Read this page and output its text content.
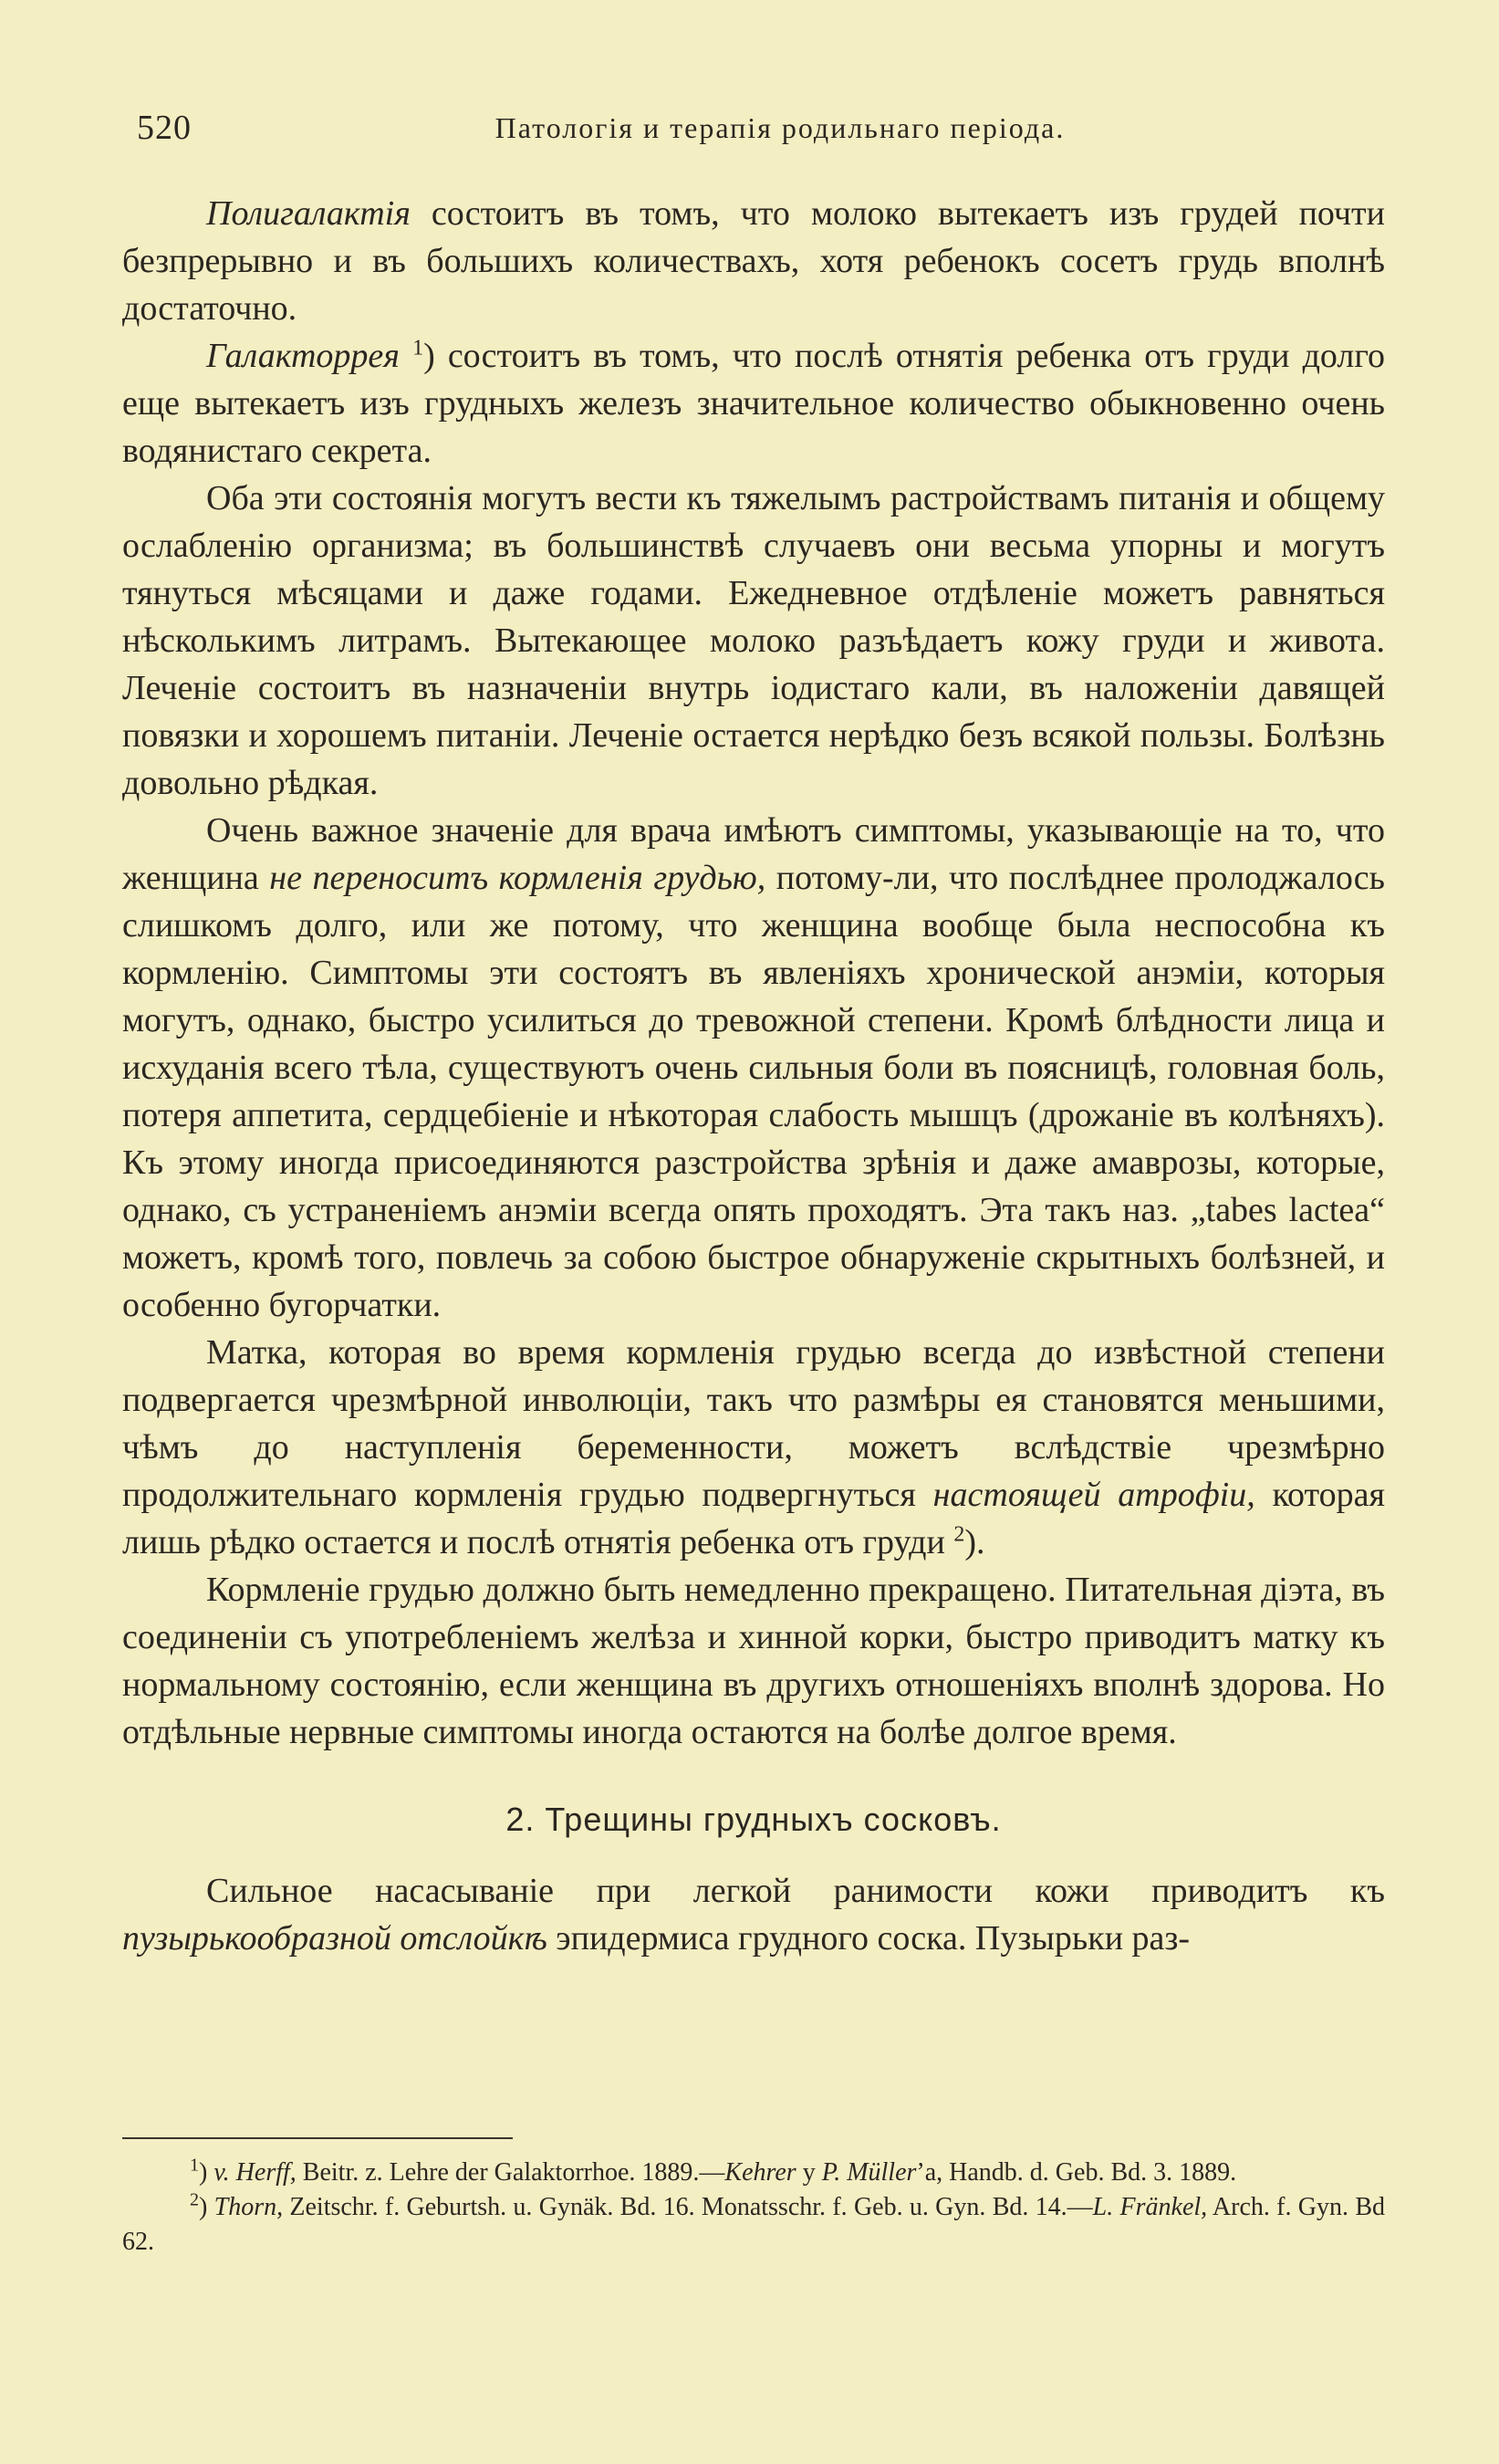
520	Патологія и терапія родильнаго періода.

Полигалактія состоитъ въ томъ, что молоко вытекаетъ изъ грудей почти безпрерывно и въ большихъ количествахъ, хотя ребенокъ сосетъ грудь вполнѣ достаточно.

Галакторрея $^1$) состоитъ въ томъ, что послѣ отнятія ребенка отъ груди долго еще вытекаетъ изъ грудныхъ железъ значительное количество обыкновенно очень водянистаго секрета.

Оба эти состоянія могутъ вести къ тяжелымъ растройствамъ питанія и общему ослабленію организма; въ большинствѣ случаевъ они весьма упорны и могутъ тянуться мѣсяцами и даже годами. Ежедневное отдѣленіе можетъ равняться нѣсколькимъ литрамъ. Вытекающее молоко разъѣдаетъ кожу груди и живота. Леченіе состоитъ въ назначеніи внутрь іодистаго кали, въ наложеніи давящей повязки и хорошемъ питаніи. Леченіе остается нерѣдко безъ всякой пользы. Болѣзнь довольно рѣдкая.

Очень важное значеніе для врача имѣютъ симптомы, указывающіе на то, что женщина не переноситъ кормленія грудью, потому-ли, что послѣднее пролоджалось слишкомъ долго, или же потому, что женщина вообще была неспособна къ кормленію. Симптомы эти состоятъ въ явленіяхъ хронической анэміи, которыя могутъ, однако, быстро усилиться до тревожной степени. Кромѣ блѣдности лица и исхуданія всего тѣла, существуютъ очень сильныя боли въ поясницѣ, головная боль, потеря аппетита, сердцебіеніе и нѣкоторая слабость мышцъ (дрожаніе въ колѣняхъ). Къ этому иногда присоединяются разстройства зрѣнія и даже амаврозы, которые, однако, съ устраненіемъ анэміи всегда опять проходятъ. Эта такъ наз. „tabes lactea“ можетъ, кромѣ того, повлечь за собою быстрое обнаруженіе скрытныхъ болѣзней, и особенно бугорчатки.

Матка, которая во время кормленія грудью всегда до извѣстной степени подвергается чрезмѣрной инволюціи, такъ что размѣры ея становятся меньшими, чѣмъ до наступленія беременности, можетъ вслѣдствіе чрезмѣрно продолжительнаго кормленія грудью подвергнуться настоящей атрофіи, которая лишь рѣдко остается и послѣ отнятія ребенка отъ груди $^2$).

Кормленіе грудью должно быть немедленно прекращено. Питательная діэта, въ соединеніи съ употребленіемъ желѣза и хинной корки, быстро приводитъ матку къ нормальному состоянію, если женщина въ другихъ отношеніяхъ вполнѣ здорова. Но отдѣльные нервные симптомы иногда остаются на болѣе долгое время.

2. Трещины грудныхъ сосковъ.

Сильное насасываніе при легкой ранимости кожи приводитъ къ пузырькообразной отслойкѣ эпидермиса грудного соска. Пузырьки раз-

$^1$) v. Herff, Beitr. z. Lehre der Galaktorrhoe. 1889.—Kehrer у P. Müller’a, Handb. d. Geb. Bd. 3. 1889.

$^2$) Thorn, Zeitschr. f. Geburtsh. u. Gynäk. Bd. 16. Monatsschr. f. Geb. u. Gyn. Bd. 14.—L. Fränkel, Arch. f. Gyn. Bd 62.
